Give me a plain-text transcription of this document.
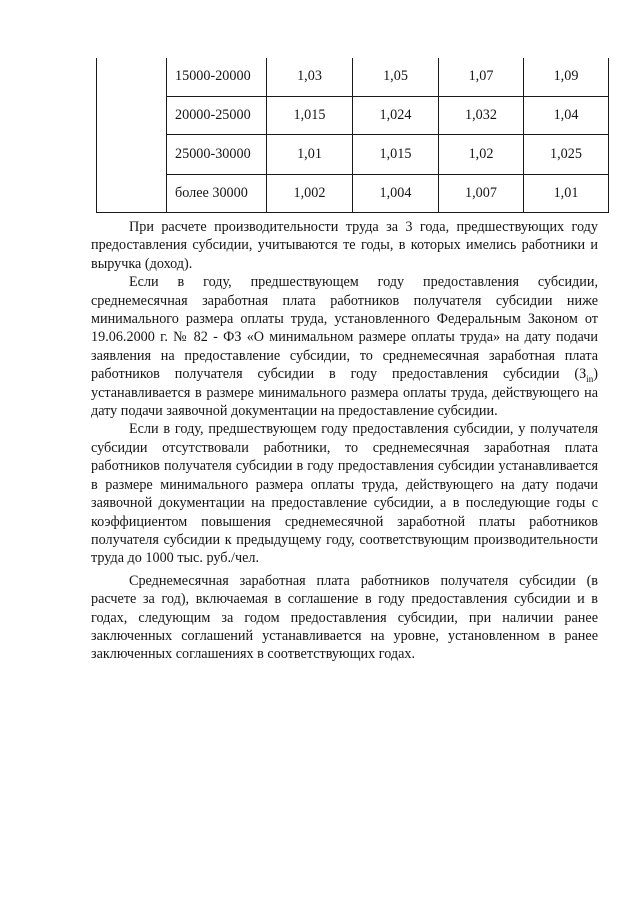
	15000-20000	1,03	1,05	1,07	1,09
	20000-25000	1,015	1,024	1,032	1,04
	25000-30000	1,01	1,015	1,02	1,025
	более 30000	1,002	1,004	1,007	1,01

При расчете производительности труда за 3 года, предшествующих году предоставления субсидии, учитываются те годы, в которых имелись работники и выручка (доход).

Если в году, предшествующем году предоставления субсидии, среднемесячная заработная плата работников получателя субсидии ниже минимального размера оплаты труда, установленного Федеральным Законом от 19.06.2000 г. № 82 - ФЗ «О минимальном размере оплаты труда» на дату подачи заявления на предоставление субсидии, то среднемесячная заработная плата работников получателя субсидии в году предоставления субсидии $(З_{in})$ устанавливается в размере минимального размера оплаты труда, действующего на дату подачи заявочной документации на предоставление субсидии.

Если в году, предшествующем году предоставления субсидии, у получателя субсидии отсутствовали работники, то среднемесячная заработная плата работников получателя субсидии в году предоставления субсидии устанавливается в размере минимального размера оплаты труда, действующего на дату подачи заявочной документации на предоставление субсидии, а в последующие годы с коэффициентом повышения среднемесячной заработной платы работников получателя субсидии к предыдущему году, соответствующим производительности труда до 1000 тыс. руб./чел.

Среднемесячная заработная плата работников получателя субсидии (в расчете за год), включаемая в соглашение в году предоставления субсидии и в годах, следующим за годом предоставления субсидии, при наличии ранее заключенных соглашений устанавливается на уровне, установленном в ранее заключенных соглашениях в соответствующих годах.
